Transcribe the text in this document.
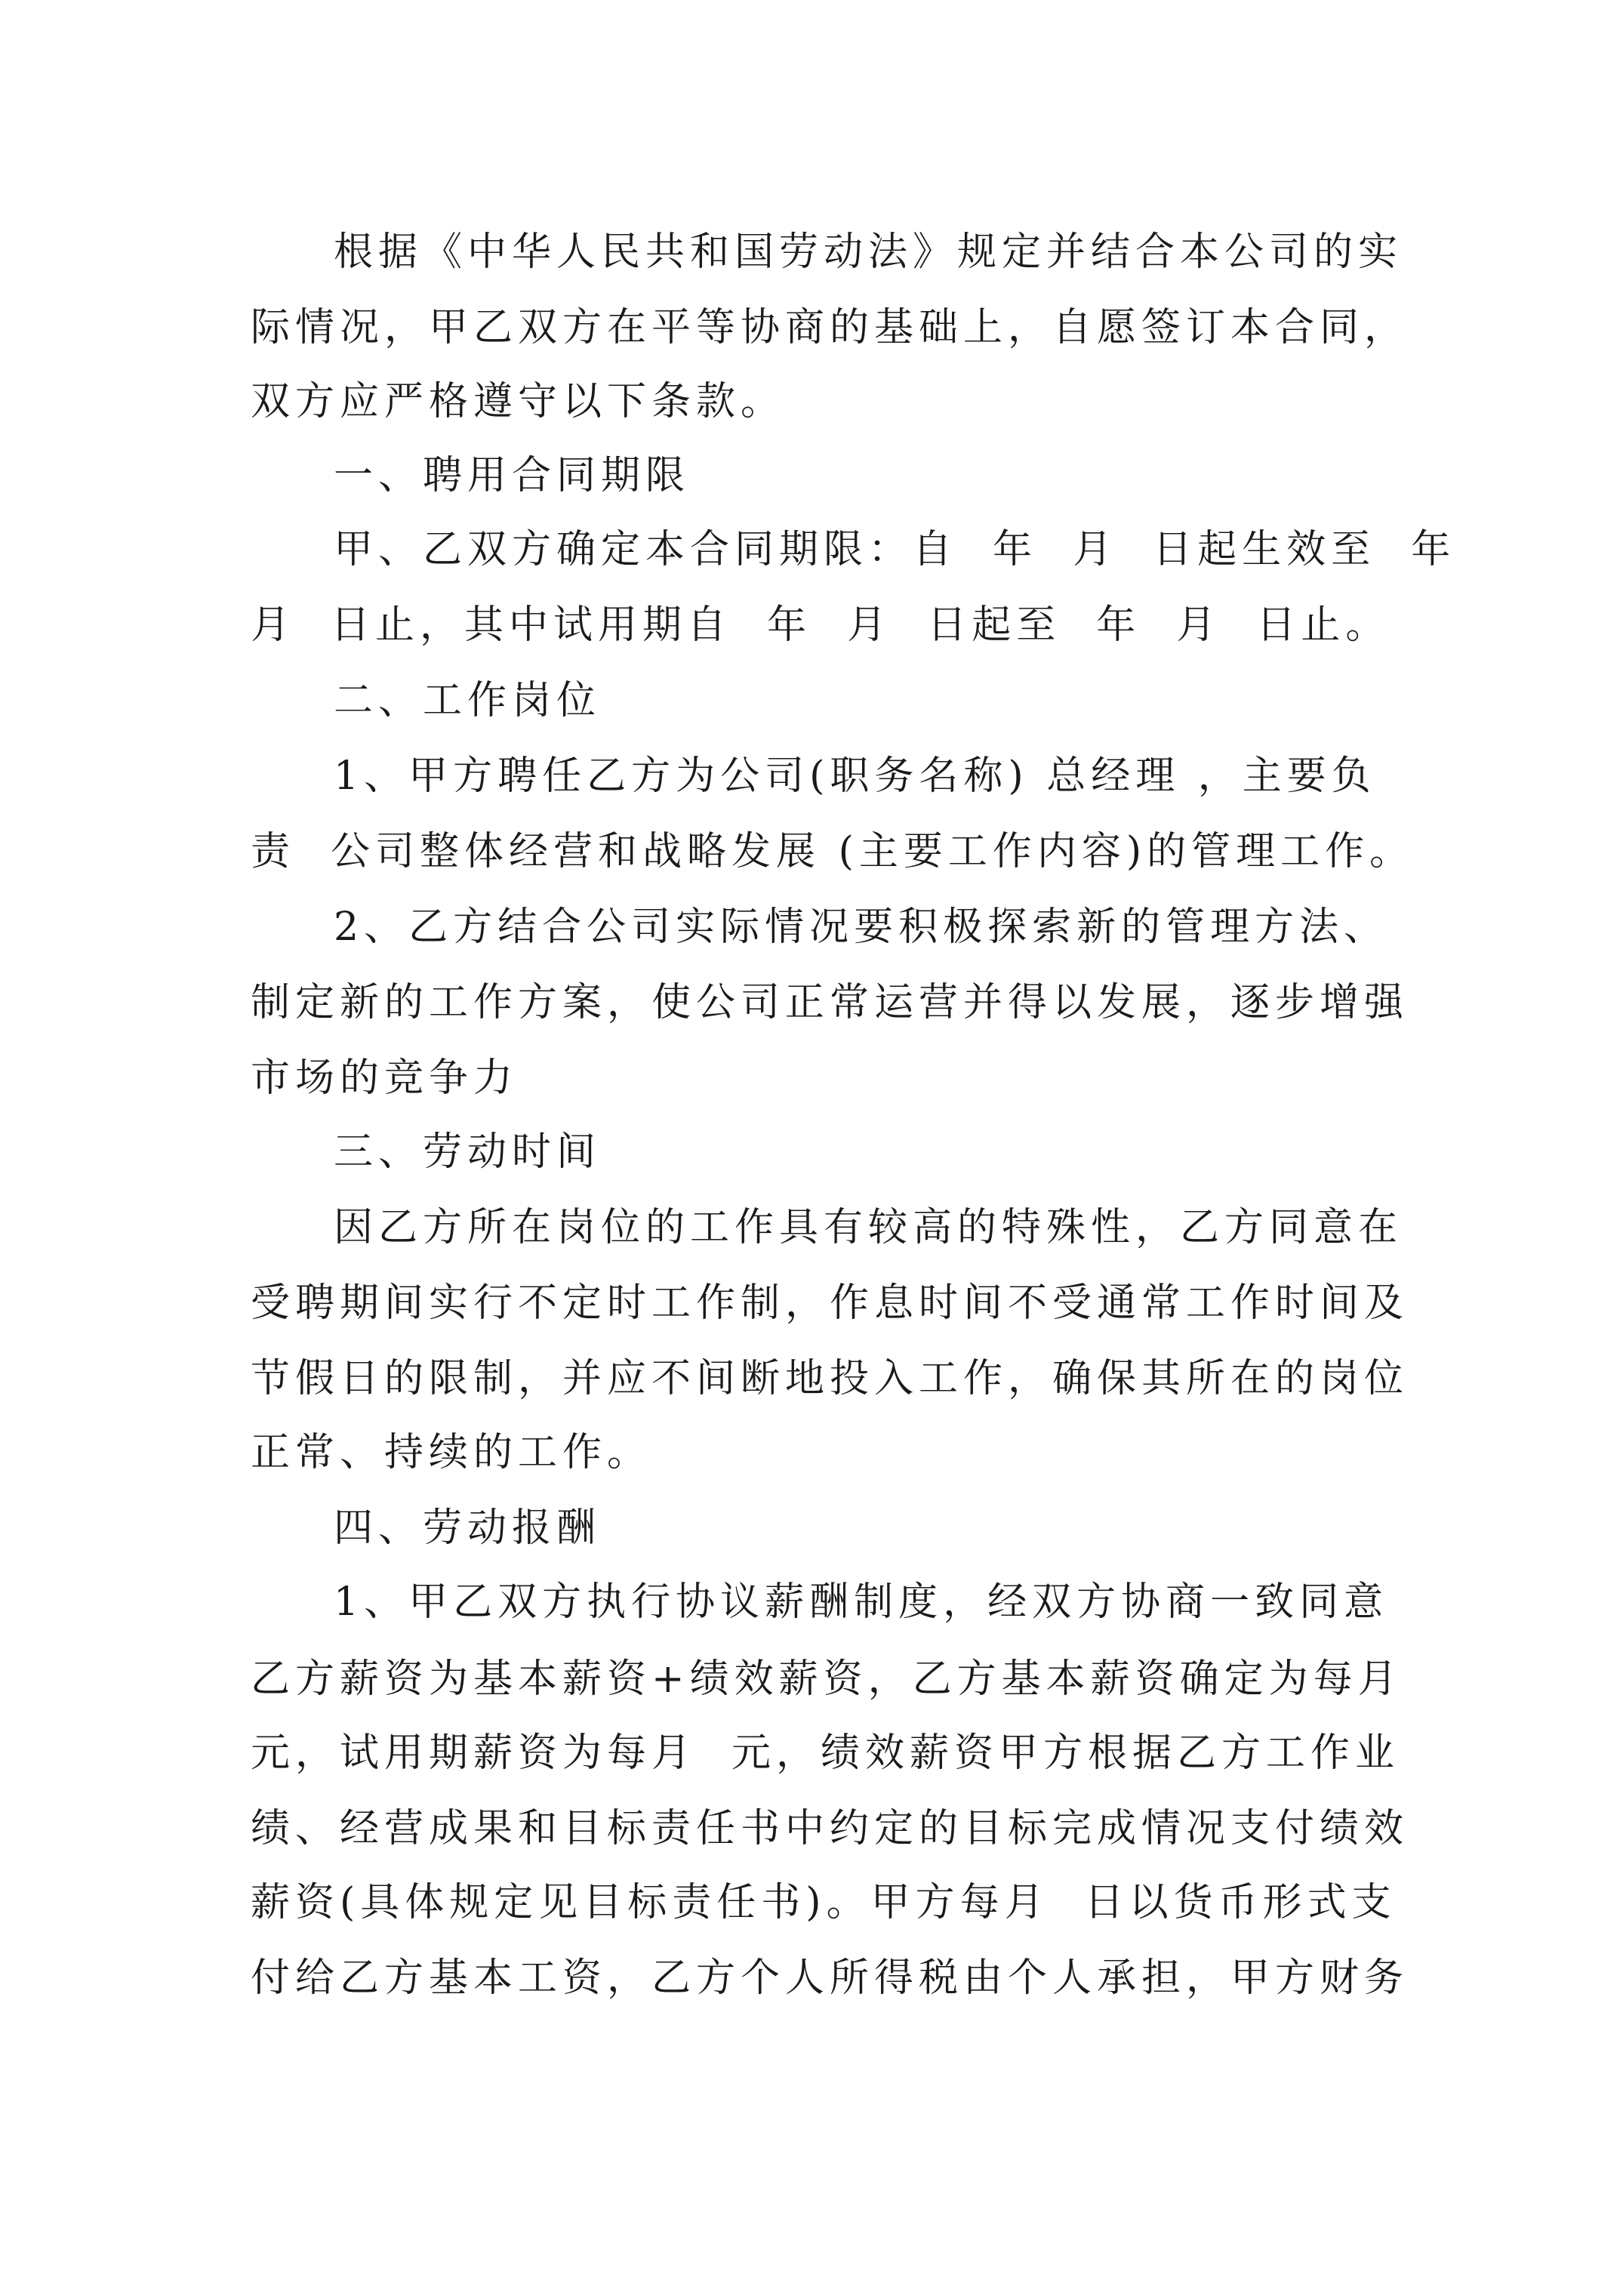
根据《中华人民共和国劳动法》规定并结合本公司的实
际情况，甲乙双方在平等协商的基础上，自愿签订本合同，
双方应严格遵守以下条款。
一、聘用合同期限
甲、乙双方确定本合同期限：自  年  月  日起生效至  年
月  日止，其中试用期自  年  月  日起至  年  月  日止。
二、工作岗位
1、甲方聘任乙方为公司(职务名称) 总经理 ，主要负
责  公司整体经营和战略发展 (主要工作内容)的管理工作。
2、乙方结合公司实际情况要积极探索新的管理方法、
制定新的工作方案，使公司正常运营并得以发展，逐步增强
市场的竞争力
三、劳动时间
因乙方所在岗位的工作具有较高的特殊性，乙方同意在
受聘期间实行不定时工作制，作息时间不受通常工作时间及
节假日的限制，并应不间断地投入工作，确保其所在的岗位
正常、持续的工作。
四、劳动报酬
1、甲乙双方执行协议薪酬制度，经双方协商一致同意
乙方薪资为基本薪资+绩效薪资，乙方基本薪资确定为每月
元，试用期薪资为每月  元，绩效薪资甲方根据乙方工作业
绩、经营成果和目标责任书中约定的目标完成情况支付绩效
薪资(具体规定见目标责任书)。甲方每月  日以货币形式支
付给乙方基本工资，乙方个人所得税由个人承担，甲方财务
